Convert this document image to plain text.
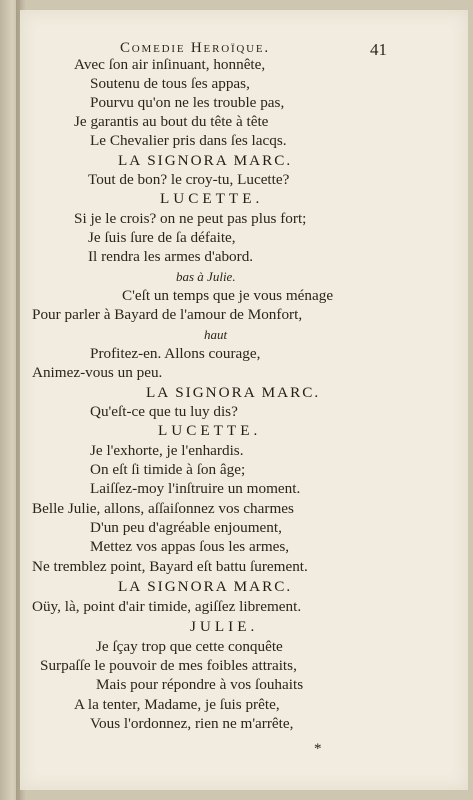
Comedie Heroïque.	41
Avec ſon air inſinuant, honnête,
Soutenu de tous ſes appas,
Pourvu qu'on ne les trouble pas,
Je garantis au bout du tête à tête
Le Chevalier pris dans ſes lacqs.
LA SIGNORA MARC.
Tout de bon? le croy-tu, Lucette?
LUCETTE.
Si je le crois? on ne peut pas plus fort;
Je ſuis ſure de ſa défaite,
Il rendra les armes d'abord.
bas à Julie.
C'eſt un temps que je vous ménage
Pour parler à Bayard de l'amour de Monfort,
haut
Profitez-en. Allons courage,
Animez-vous un peu.
LA SIGNORA MARC.
Qu'eſt-ce que tu luy dis?
LUCETTE.
Je l'exhorte, je l'enhardis.
On eſt ſi timide à ſon âge;
Laiſſez-moy l'inſtruire un moment.
Belle Julie, allons, aſſaiſonnez vos charmes
D'un peu d'agréable enjoument,
Mettez vos appas ſous les armes,
Ne tremblez point, Bayard eſt battu ſurement.
LA SIGNORA MARC.
Oüy, là, point d'air timide, agiſſez librement.
JULIE.
Je ſçay trop que cette conquête
Surpaſſe le pouvoir de mes foibles attraits,
Mais pour répondre à vos ſouhaits
A la tenter, Madame, je ſuis prête,
Vous l'ordonnez, rien ne m'arrête,
*
